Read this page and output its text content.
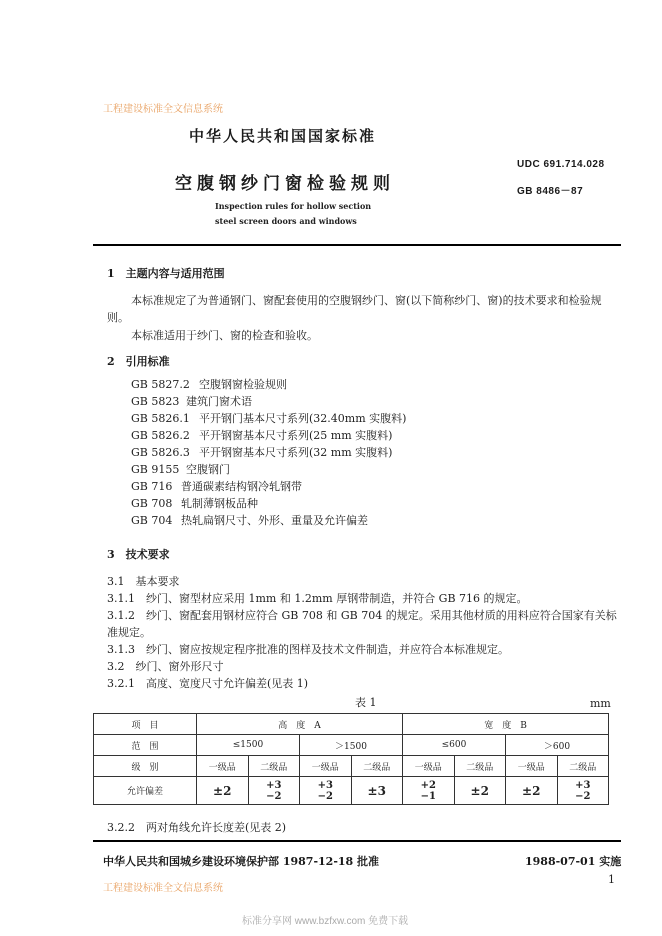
工程建设标准全文信息系统
中华人民共和国国家标准
空腹钢纱门窗检验规则
Inspection rules for hollow section
steel screen doors and windows
UDC 691.714.028
GB 8486－87
1　主题内容与适用范围
本标准规定了为普通钢门、窗配套使用的空腹钢纱门、窗(以下简称纱门、窗)的技术要求和检验规
则。
本标准适用于纱门、窗的检查和验收。
2　引用标准
GB 5827.2 空腹钢窗检验规则
GB 5823 建筑门窗术语
GB 5826.1 平开钢门基本尺寸系列(32.40mm 实腹料)
GB 5826.2 平开钢窗基本尺寸系列(25 mm 实腹料)
GB 5826.3 平开钢窗基本尺寸系列(32 mm 实腹料)
GB 9155 空腹钢门
GB 716 普通碳素结构钢冷轧钢带
GB 708 轧制薄钢板品种
GB 704 热轧扁钢尺寸、外形、重量及允许偏差
3　技术要求
3.1　基本要求
3.1.1　纱门、窗型材应采用 1mm 和 1.2mm 厚钢带制造，并符合 GB 716 的规定。
3.1.2　纱门、窗配套用钢材应符合 GB 708 和 GB 704 的规定。采用其他材质的用料应符合国家有关标
准规定。
3.1.3　纱门、窗应按规定程序批准的图样及技术文件制造，并应符合本标准规定。
3.2　纱门、窗外形尺寸
3.2.1　高度、宽度尺寸允许偏差(见表 1)
表 1	mm
项　目	高　度　A				宽　度　B			
范　围	≤1500		＞1500		≤600		＞600	
级　别	一级品	二级品	一级品	二级品	一级品	二级品	一级品	二级品
允许偏差	±2	+3
−2	+3
−2	±3	+2
−1	±2	±2	+3
−2
3.2.2　两对角线允许长度差(见表 2)
中华人民共和国城乡建设环境保护部 1987-12-18 批准	1988-07-01 实施
工程建设标准全文信息系统
1
标准分享网 www.bzfxw.com 免费下载
